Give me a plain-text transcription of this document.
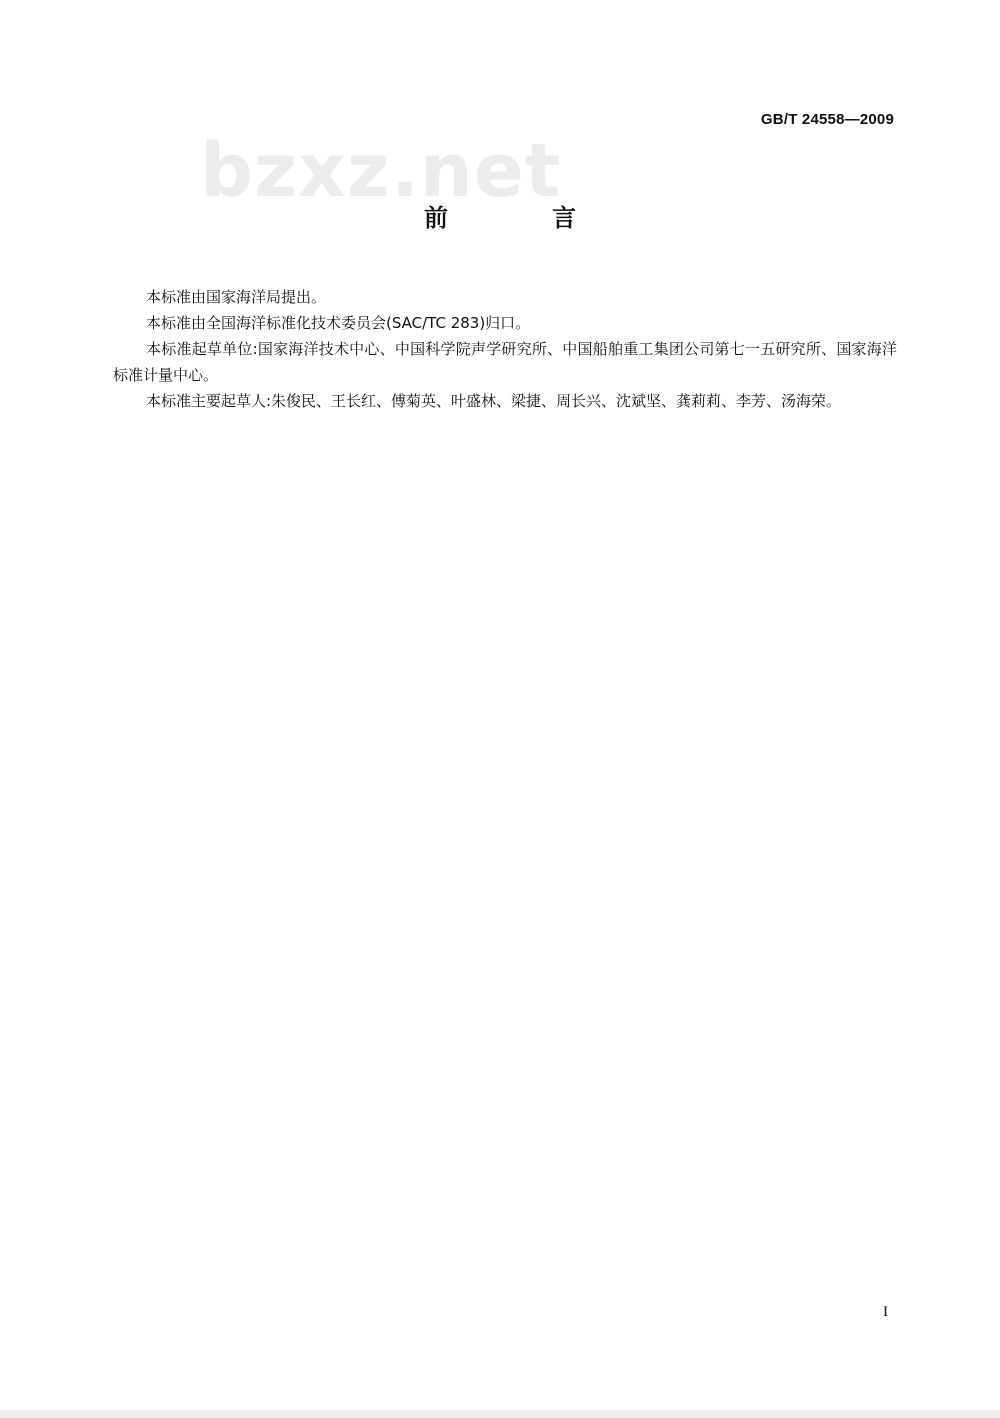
bzxz.net
GB/T 24558—2009
前　言

本标准由国家海洋局提出。

本标准由全国海洋标准化技术委员会(SAC/TC 283)归口。

本标准起草单位:国家海洋技术中心、中国科学院声学研究所、中国船舶重工集团公司第七一五研究所、国家海洋标准计量中心。

本标准主要起草人:朱俊民、王长红、傅菊英、叶盛林、梁捷、周长兴、沈斌坚、龚莉莉、李芳、汤海荣。

I
